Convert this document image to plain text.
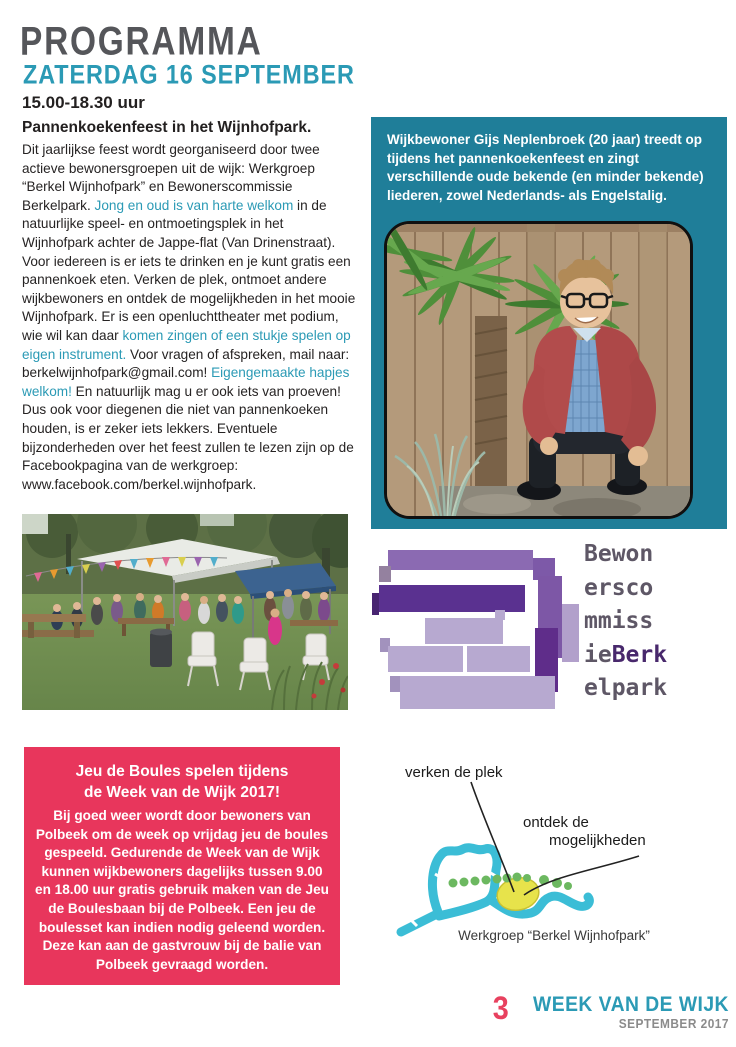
PROGRAMMA
ZATERDAG 16 SEPTEMBER
15.00-18.30 uur
Pannenkoekenfeest in het Wijnhofpark.
Dit jaarlijkse feest wordt georganiseerd door twee actieve bewonersgroepen uit de wijk: Werkgroep “Berkel Wijnhofpark” en Bewonerscommissie Berkelpark. Jong en oud is van harte welkom in de natuurlijke speel- en ontmoetingsplek in het Wijnhofpark achter de Jappe-flat (Van Drinenstraat). Voor iedereen is er iets te drinken en je kunt gratis een pannenkoek eten. Verken de plek, ontmoet andere wijkbewoners en ontdek de mogelijkheden in het mooie Wijnhofpark. Er is een openluchttheater met podium, wie wil kan daar komen zingen of een stukje spelen op eigen instrument. Voor vragen of afspreken, mail naar: berkelwijnhofpark@gmail.com! Eigengemaakte hapjes welkom! En natuurlijk mag u er ook iets van proeven! Dus ook voor diegenen die niet van pannenkoeken houden, is er zeker iets lekkers. Eventuele bijzonderheden over het feest zullen te lezen zijn op de Facebookpagina van de werkgroep: www.facebook.com/berkel.wijnhofpark.
Wijkbewoner Gijs Neplenbroek (20 jaar) treedt op tijdens het pannenkoekenfeest en zingt verschillende oude bekende (en minder bekende) liederen, zowel Nederlands- als Engelstalig.
Bewon
ersco
mmiss
ieBerk
elpark
Jeu de Boules spelen tijdens
de Week van de Wijk 2017!
Bij goed weer wordt door bewoners van Polbeek om de week op vrijdag jeu de boules gespeeld. Gedurende de Week van de Wijk kunnen wijkbewoners dagelijks tussen 9.00 en 18.00 uur gratis gebruik maken van de Jeu de Boulesbaan bij de Polbeek. Een jeu de boulesset kan indien nodig geleend worden. Deze kan aan de gastvrouw bij de balie van Polbeek gevraagd worden.
verken de plek
ontdek de
mogelijkheden
Werkgroep “Berkel Wijnhofpark”
3 WEEK VAN DE WIJK
SEPTEMBER 2017
